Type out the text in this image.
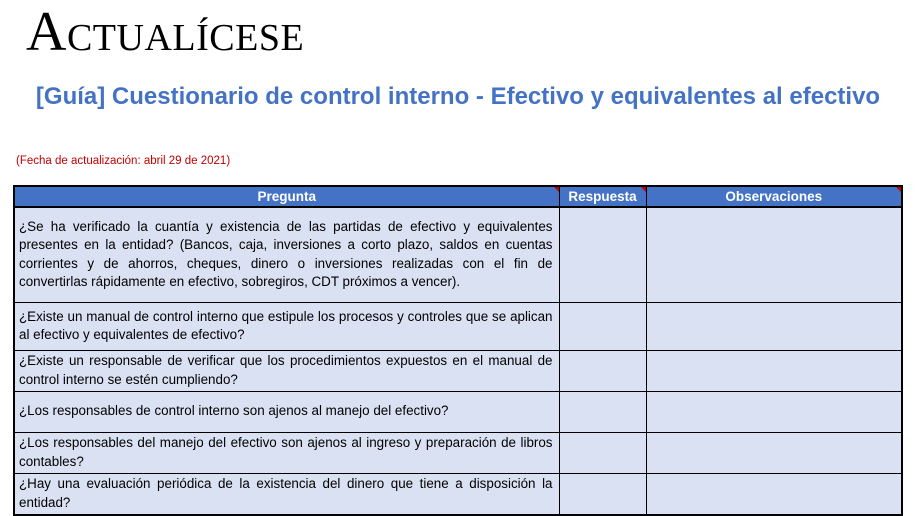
ACTUALÍCESE
[Guía] Cuestionario de control interno - Efectivo y equivalentes al efectivo
(Fecha de actualización: abril 29 de 2021)
Pregunta	Respuesta	Observaciones

¿Se ha verificado la cuantía y existencia de las partidas de efectivo y equivalentes presentes en la entidad? (Bancos, caja, inversiones a corto plazo, saldos en cuentas corrientes y de ahorros, cheques, dinero o inversiones realizadas con el fin de convertirlas rápidamente en efectivo, sobregiros, CDT próximos a vencer).		
¿Existe un manual de control interno que estipule los procesos y controles que se aplican al efectivo y equivalentes de efectivo?		
¿Existe un responsable de verificar que los procedimientos expuestos en el manual de control interno se estén cumpliendo?		
¿Los responsables de control interno son ajenos al manejo del efectivo?		
¿Los responsables del manejo del efectivo son ajenos al ingreso y preparación de libros contables?		
¿Hay una evaluación periódica de la existencia del dinero que tiene a disposición la entidad?		
